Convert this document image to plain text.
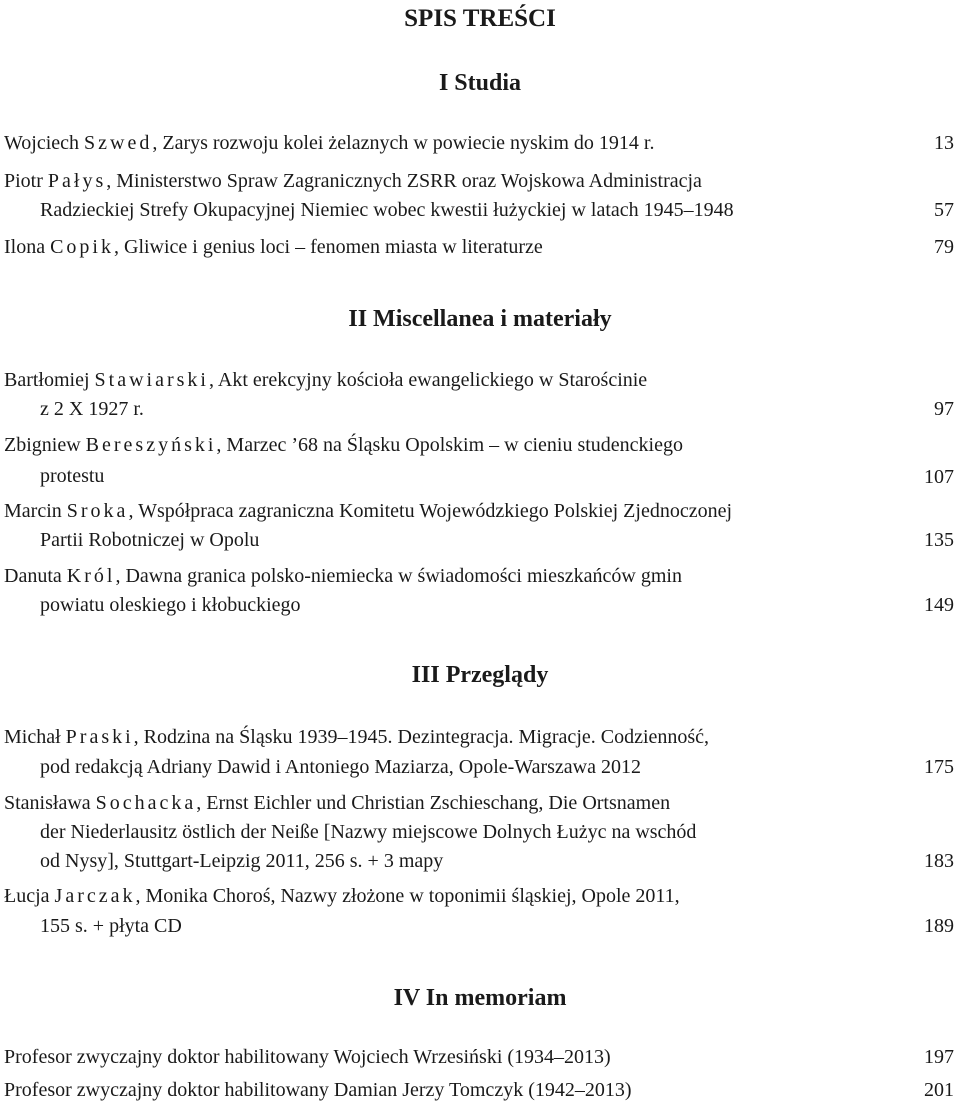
SPIS TREŚCI
I Studia
Wojciech Szwed, Zarys rozwoju kolei żelaznych w powiecie nyskim do 1914 r.	13
Piotr Pałys, Ministerstwo Spraw Zagranicznych ZSRR oraz Wojskowa Administracja
Radzieckiej Strefy Okupacyjnej Niemiec wobec kwestii łużyckiej w latach 1945–1948	57
Ilona Copik, Gliwice i genius loci – fenomen miasta w literaturze	79
II Miscellanea i materiały
Bartłomiej Stawiarski, Akt erekcyjny kościoła ewangelickiego w Starościnie
z 2 X 1927 r.	97
Zbigniew Bereszyński, Marzec ’68 na Śląsku Opolskim – w cieniu studenckiego
protestu	107
Marcin Sroka, Współpraca zagraniczna Komitetu Wojewódzkiego Polskiej Zjednoczonej
Partii Robotniczej w Opolu	135
Danuta Król, Dawna granica polsko-niemiecka w świadomości mieszkańców gmin
powiatu oleskiego i kłobuckiego	149
III Przeglądy
Michał Praski, Rodzina na Śląsku 1939–1945. Dezintegracja. Migracje. Codzienność,
pod redakcją Adriany Dawid i Antoniego Maziarza, Opole-Warszawa 2012	175
Stanisława Sochacka, Ernst Eichler und Christian Zschieschang, Die Ortsnamen
der Niederlausitz östlich der Neiße [Nazwy miejscowe Dolnych Łużyc na wschód
od Nysy], Stuttgart-Leipzig 2011, 256 s. + 3 mapy	183
Łucja Jarczak, Monika Choroś, Nazwy złożone w toponimii śląskiej, Opole 2011,
155 s. + płyta CD	189
IV In memoriam
Profesor zwyczajny doktor habilitowany Wojciech Wrzesiński (1934–2013)	197
Profesor zwyczajny doktor habilitowany Damian Jerzy Tomczyk (1942–2013)	201
